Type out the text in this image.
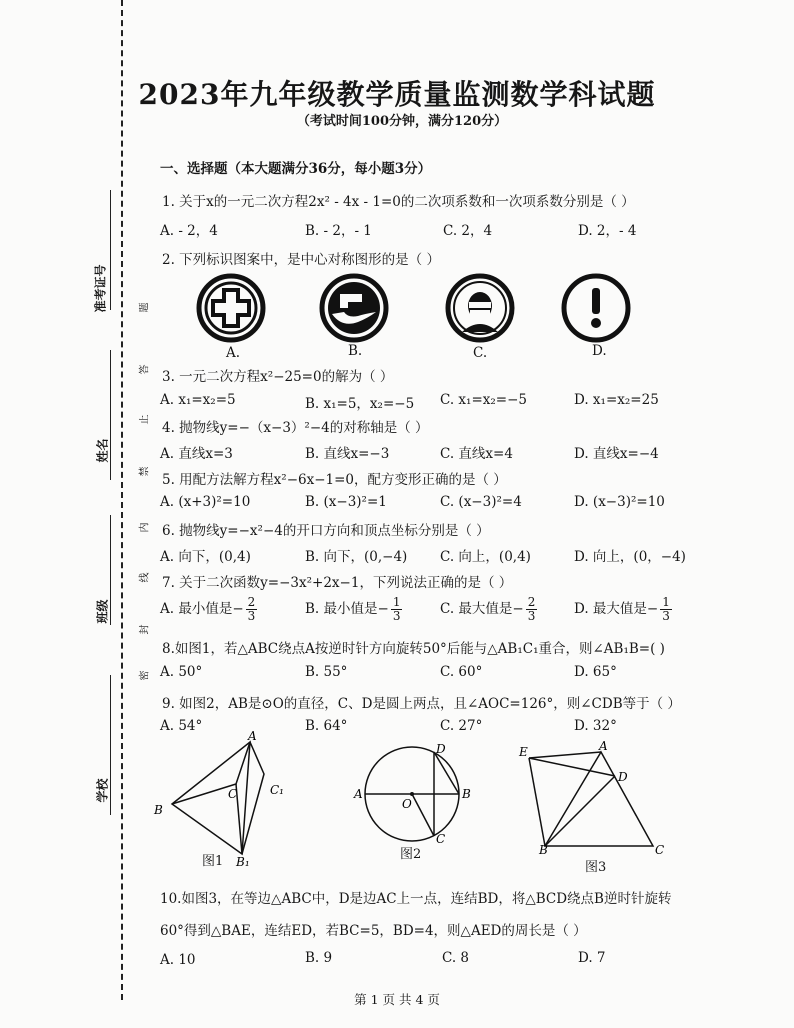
准考证号
姓名
班级
学校
题
答
止
禁
内
线
封
密
2023年九年级教学质量监测数学科试题
（考试时间100分钟，满分120分）
一、选择题（本大题满分36分，每小题3分）
1. 关于x的一元二次方程2x² - 4x - 1=0的二次项系数和一次项系数分别是（ ）
A. - 2，4	B. - 2，- 1	C. 2，4	D. 2，- 4
2. 下列标识图案中，是中心对称图形的是（ ）
A.	B.	C.	D.
3. 一元二次方程x²−25=0的解为（ ）
A. x₁=x₂=5	B. x₁=5，x₂=−5 C. x₁=x₂=−5	D. x₁=x₂=25
4. 抛物线y=−（x−3）²−4的对称轴是（ ）
A. 直线x=3	B. 直线x=−3	C. 直线x=4	D. 直线x=−4
5. 用配方法解方程x²−6x−1=0，配方变形正确的是（ ）
A. (x+3)²=10	B. (x−3)²=1	C. (x−3)²=4	D. (x−3)²=10
6. 抛物线y=−x²−4的开口方向和顶点坐标分别是（ ）
A. 向下，(0,4)	B. 向下，(0,−4) C. 向上，(0,4)	D. 向上，(0，−4)
7. 关于二次函数y=−3x²+2x−1，下列说法正确的是（ ）
A. 最小值是− $\frac{2}{3}$	B. 最小值是− $\frac{1}{3}$	C. 最大值是− $\frac{2}{3}$	D. 最大值是− $\frac{1}{3}$
8.如图1，若△ABC绕点A按逆时针方向旋转50°后能与△AB₁C₁重合，则∠AB₁B=( )
A. 50°	B. 55°	C. 60°	D. 65°
9. 如图2，AB是⊙O的直径，C、D是圆上两点，且∠AOC=126°，则∠CDB等于（ ）
A. 54°	B. 64°	C. 27°	D. 32°
A
B
C	C₁
B₁
图1
D
A	B
O
C
图2
A
E
D
B	C
图3
10.如图3，在等边△ABC中，D是边AC上一点，连结BD，将△BCD绕点B逆时针旋转
60°得到△BAE，连结ED，若BC=5，BD=4，则△AED的周长是（ ）
A. 10	B. 9	C. 8	D. 7
第 1 页 共 4 页
